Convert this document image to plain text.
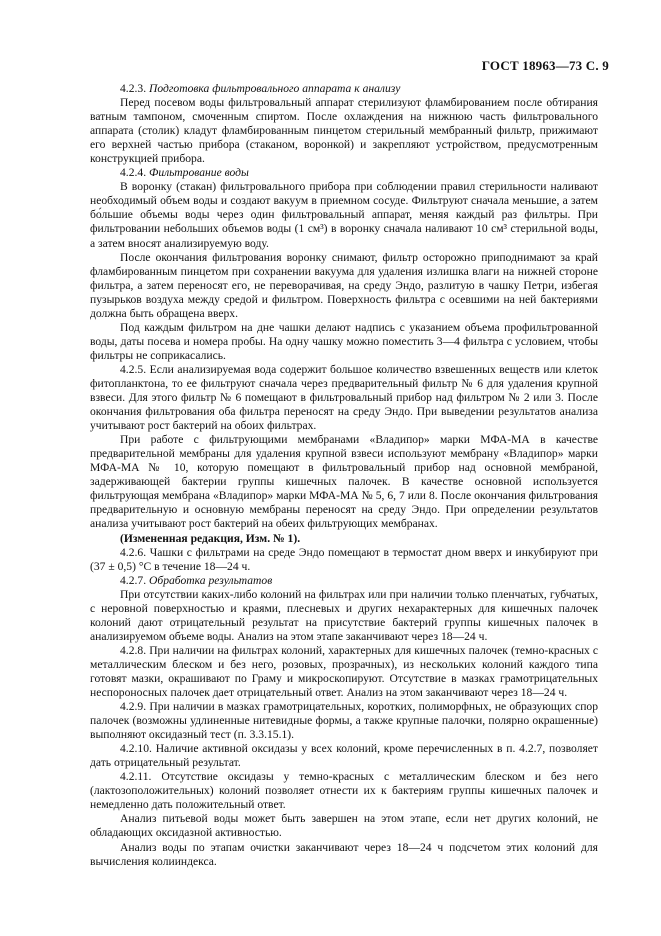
ГОСТ 18963—73 С. 9

4.2.3. Подготовка фильтровального аппарата к анализу

Перед посевом воды фильтровальный аппарат стерилизуют фламбированием после обтирания ватным тампоном, смоченным спиртом. После охлаждения на нижнюю часть фильтровального аппарата (столик) кладут фламбированным пинцетом стерильный мембранный фильтр, прижимают его верхней частью прибора (стаканом, воронкой) и закрепляют устройством, предусмотренным конструкцией прибора.

4.2.4. Фильтрование воды

В воронку (стакан) фильтровального прибора при соблюдении правил стерильности наливают необходимый объем воды и создают вакуум в приемном сосуде. Фильтруют сначала меньшие, а затем бо́льшие объемы воды через один фильтровальный аппарат, меняя каждый раз фильтры. При фильтровании небольших объемов воды (1 см³) в воронку сначала наливают 10 см³ стерильной воды, а затем вносят анализируемую воду.

После окончания фильтрования воронку снимают, фильтр осторожно приподнимают за край фламбированным пинцетом при сохранении вакуума для удаления излишка влаги на нижней стороне фильтра, а затем переносят его, не переворачивая, на среду Эндо, разлитую в чашку Петри, избегая пузырьков воздуха между средой и фильтром. Поверхность фильтра с осевшими на ней бактериями должна быть обращена вверх.

Под каждым фильтром на дне чашки делают надпись с указанием объема профильтрованной воды, даты посева и номера пробы. На одну чашку можно поместить 3—4 фильтра с условием, чтобы фильтры не соприкасались.

4.2.5. Если анализируемая вода содержит большое количество взвешенных веществ или клеток фитопланктона, то ее фильтруют сначала через предварительный фильтр № 6 для удаления крупной взвеси. Для этого фильтр № 6 помещают в фильтровальный прибор над фильтром № 2 или 3. После окончания фильтрования оба фильтра переносят на среду Эндо. При выведении результатов анализа учитывают рост бактерий на обоих фильтрах.

При работе с фильтрующими мембранами «Владипор» марки МФА-МА в качестве предварительной мембраны для удаления крупной взвеси используют мембрану «Владипор» марки МФА-МА № 10, которую помещают в фильтровальный прибор над основной мембраной, задерживающей бактерии группы кишечных палочек. В качестве основной используется фильтрующая мембрана «Владипор» марки МФА-МА № 5, 6, 7 или 8. После окончания фильтрования предварительную и основную мембраны переносят на среду Эндо. При определении результатов анализа учитывают рост бактерий на обеих фильтрующих мембранах.

(Измененная редакция, Изм. № 1).

4.2.6. Чашки с фильтрами на среде Эндо помещают в термостат дном вверх и инкубируют при (37 ± 0,5) °С в течение 18—24 ч.

4.2.7. Обработка результатов

При отсутствии каких-либо колоний на фильтрах или при наличии только пленчатых, губчатых, с неровной поверхностью и краями, плесневых и других нехарактерных для кишечных палочек колоний дают отрицательный результат на присутствие бактерий группы кишечных палочек в анализируемом объеме воды. Анализ на этом этапе заканчивают через 18—24 ч.

4.2.8. При наличии на фильтрах колоний, характерных для кишечных палочек (темно-красных с металлическим блеском и без него, розовых, прозрачных), из нескольких колоний каждого типа готовят мазки, окрашивают по Граму и микроскопируют. Отсутствие в мазках грамотрицательных неспороносных палочек дает отрицательный ответ. Анализ на этом заканчивают через 18—24 ч.

4.2.9. При наличии в мазках грамотрицательных, коротких, полиморфных, не образующих спор палочек (возможны удлиненные нитевидные формы, а также крупные палочки, полярно окрашенные) выполняют оксидазный тест (п. 3.3.15.1).

4.2.10. Наличие активной оксидазы у всех колоний, кроме перечисленных в п. 4.2.7, позволяет дать отрицательный результат.

4.2.11. Отсутствие оксидазы у темно-красных с металлическим блеском и без него (лактозоположительных) колоний позволяет отнести их к бактериям группы кишечных палочек и немедленно дать положительный ответ.

Анализ питьевой воды может быть завершен на этом этапе, если нет других колоний, не обладающих оксидазной активностью.

Анализ воды по этапам очистки заканчивают через 18—24 ч подсчетом этих колоний для вычисления колииндекса.
